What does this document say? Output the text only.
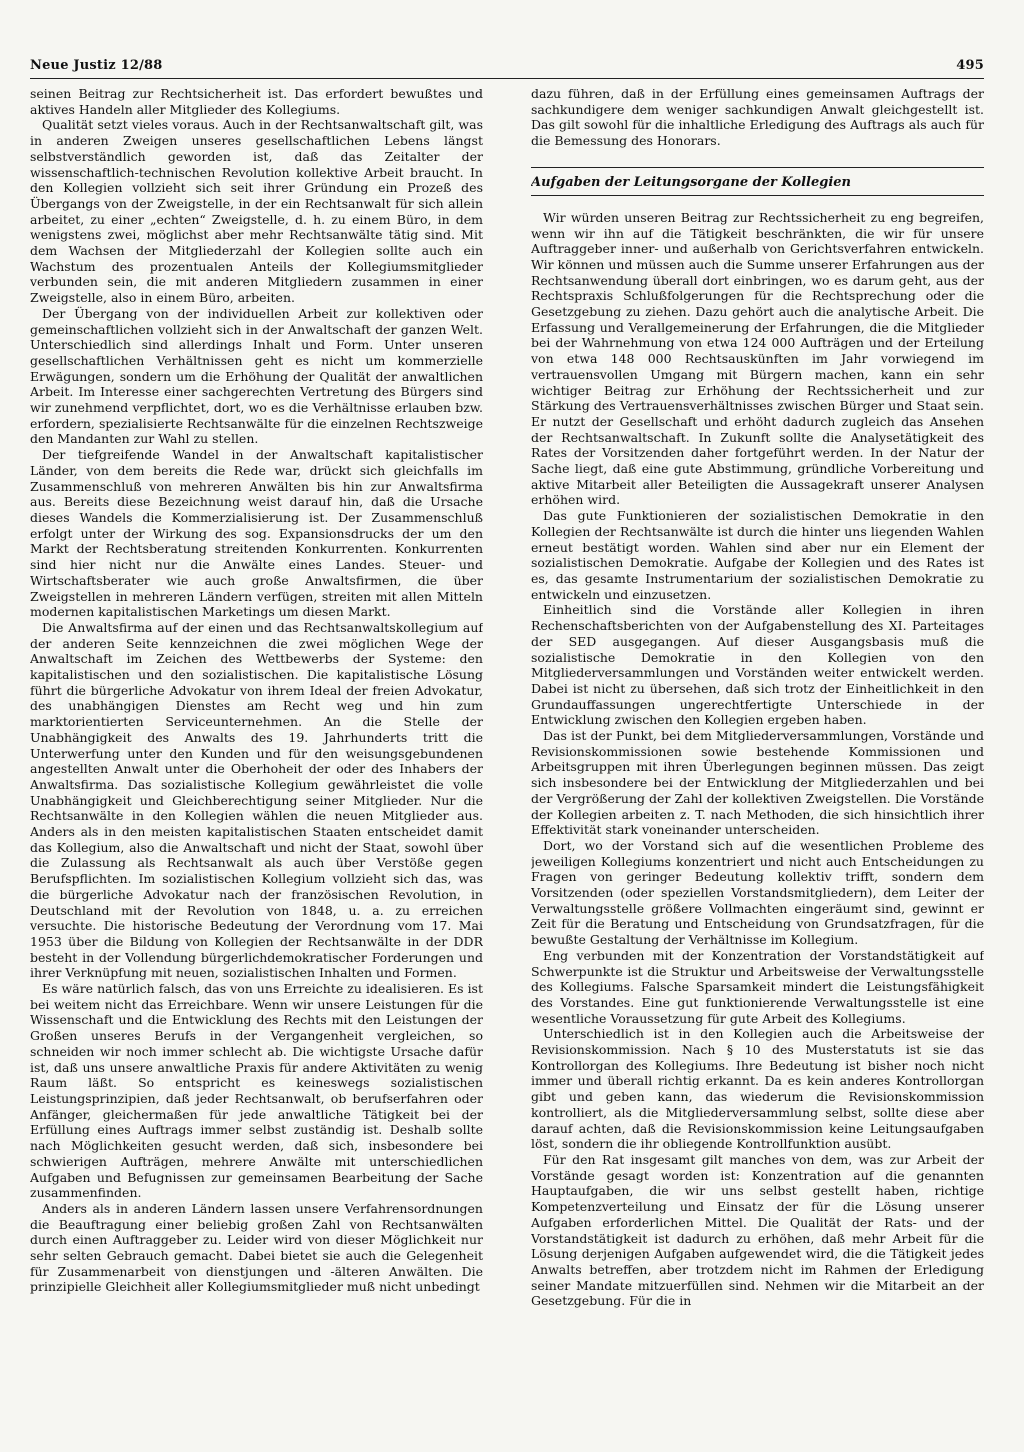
Neue Justiz 12/88	495

seinen Beitrag zur Rechtsicherheit ist. Das erfordert bewußtes und aktives Handeln aller Mitglieder des Kollegiums.

Qualität setzt vieles voraus. Auch in der Rechtsanwaltschaft gilt, was in anderen Zweigen unseres gesellschaftlichen Lebens längst selbstverständlich geworden ist, daß das Zeitalter der wissenschaftlich-technischen Revolution kollektive Arbeit braucht. In den Kollegien vollzieht sich seit ihrer Gründung ein Prozeß des Übergangs von der Zweigstelle, in der ein Rechtsanwalt für sich allein arbeitet, zu einer „echten“ Zweigstelle, d. h. zu einem Büro, in dem wenigstens zwei, möglichst aber mehr Rechtsanwälte tätig sind. Mit dem Wachsen der Mitgliederzahl der Kollegien sollte auch ein Wachstum des prozentualen Anteils der Kollegiumsmitglieder verbunden sein, die mit anderen Mitgliedern zusammen in einer Zweigstelle, also in einem Büro, arbeiten.

Der Übergang von der individuellen Arbeit zur kollektiven oder gemeinschaftlichen vollzieht sich in der Anwaltschaft der ganzen Welt. Unterschiedlich sind allerdings Inhalt und Form. Unter unseren gesellschaftlichen Verhältnissen geht es nicht um kommerzielle Erwägungen, sondern um die Erhöhung der Qualität der anwaltlichen Arbeit. Im Interesse einer sachgerechten Vertretung des Bürgers sind wir zunehmend verpflichtet, dort, wo es die Verhältnisse erlauben bzw. erfordern, spezialisierte Rechtsanwälte für die einzelnen Rechtszweige den Mandanten zur Wahl zu stellen.

Der tiefgreifende Wandel in der Anwaltschaft kapitalistischer Länder, von dem bereits die Rede war, drückt sich gleichfalls im Zusammenschluß von mehreren Anwälten bis hin zur Anwaltsfirma aus. Bereits diese Bezeichnung weist darauf hin, daß die Ursache dieses Wandels die Kommerzialisierung ist. Der Zusammenschluß erfolgt unter der Wirkung des sog. Expansionsdrucks der um den Markt der Rechtsberatung streitenden Konkurrenten. Konkurrenten sind hier nicht nur die Anwälte eines Landes. Steuer- und Wirtschaftsberater wie auch große Anwaltsfirmen, die über Zweigstellen in mehreren Ländern verfügen, streiten mit allen Mitteln modernen kapitalistischen Marketings um diesen Markt.

Die Anwaltsfirma auf der einen und das Rechtsanwaltskollegium auf der anderen Seite kennzeichnen die zwei möglichen Wege der Anwaltschaft im Zeichen des Wettbewerbs der Systeme: den kapitalistischen und den sozialistischen. Die kapitalistische Lösung führt die bürgerliche Advokatur von ihrem Ideal der freien Advokatur, des unabhängigen Dienstes am Recht weg und hin zum marktorientierten Serviceunternehmen. An die Stelle der Unabhängigkeit des Anwalts des 19. Jahrhunderts tritt die Unterwerfung unter den Kunden und für den weisungsgebundenen angestellten Anwalt unter die Oberhoheit der oder des Inhabers der Anwaltsfirma. Das sozialistische Kollegium gewährleistet die volle Unabhängigkeit und Gleichberechtigung seiner Mitglieder. Nur die Rechtsanwälte in den Kollegien wählen die neuen Mitglieder aus. Anders als in den meisten kapitalistischen Staaten entscheidet damit das Kollegium, also die Anwaltschaft und nicht der Staat, sowohl über die Zulassung als Rechtsanwalt als auch über Verstöße gegen Berufspflichten. Im sozialistischen Kollegium vollzieht sich das, was die bürgerliche Advokatur nach der französischen Revolution, in Deutschland mit der Revolution von 1848, u. a. zu erreichen versuchte. Die historische Bedeutung der Verordnung vom 17. Mai 1953 über die Bildung von Kollegien der Rechtsanwälte in der DDR besteht in der Vollendung bürgerlichdemokratischer Forderungen und ihrer Verknüpfung mit neuen, sozialistischen Inhalten und Formen.

Es wäre natürlich falsch, das von uns Erreichte zu idealisieren. Es ist bei weitem nicht das Erreichbare. Wenn wir unsere Leistungen für die Wissenschaft und die Entwicklung des Rechts mit den Leistungen der Großen unseres Berufs in der Vergangenheit vergleichen, so schneiden wir noch immer schlecht ab. Die wichtigste Ursache dafür ist, daß uns unsere anwaltliche Praxis für andere Aktivitäten zu wenig Raum läßt. So entspricht es keineswegs sozialistischen Leistungsprinzipien, daß jeder Rechtsanwalt, ob berufserfahren oder Anfänger, gleichermaßen für jede anwaltliche Tätigkeit bei der Erfüllung eines Auftrags immer selbst zuständig ist. Deshalb sollte nach Möglichkeiten gesucht werden, daß sich, insbesondere bei schwierigen Aufträgen, mehrere Anwälte mit unterschiedlichen Aufgaben und Befugnissen zur gemeinsamen Bearbeitung der Sache zusammenfinden.

Anders als in anderen Ländern lassen unsere Verfahrensordnungen die Beauftragung einer beliebig großen Zahl von Rechtsanwälten durch einen Auftraggeber zu. Leider wird von dieser Möglichkeit nur sehr selten Gebrauch gemacht. Dabei bietet sie auch die Gelegenheit für Zusammenarbeit von dienstjungen und -älteren Anwälten. Die prinzipielle Gleichheit aller Kollegiumsmitglieder muß nicht unbedingt

dazu führen, daß in der Erfüllung eines gemeinsamen Auftrags der sachkundigere dem weniger sachkundigen Anwalt gleichgestellt ist. Das gilt sowohl für die inhaltliche Erledigung des Auftrags als auch für die Bemessung des Honorars.

Aufgaben der Leitungsorgane der Kollegien

Wir würden unseren Beitrag zur Rechtssicherheit zu eng begreifen, wenn wir ihn auf die Tätigkeit beschränkten, die wir für unsere Auftraggeber inner- und außerhalb von Gerichtsverfahren entwickeln. Wir können und müssen auch die Summe unserer Erfahrungen aus der Rechtsanwendung überall dort einbringen, wo es darum geht, aus der Rechtspraxis Schlußfolgerungen für die Rechtsprechung oder die Gesetzgebung zu ziehen. Dazu gehört auch die analytische Arbeit. Die Erfassung und Verallgemeinerung der Erfahrungen, die die Mitglieder bei der Wahrnehmung von etwa 124 000 Aufträgen und der Erteilung von etwa 148 000 Rechtsauskünften im Jahr vorwiegend im vertrauensvollen Umgang mit Bürgern machen, kann ein sehr wichtiger Beitrag zur Erhöhung der Rechtssicherheit und zur Stärkung des Vertrauensverhältnisses zwischen Bürger und Staat sein. Er nutzt der Gesellschaft und erhöht dadurch zugleich das Ansehen der Rechtsanwaltschaft. In Zukunft sollte die Analysetätigkeit des Rates der Vorsitzenden daher fortgeführt werden. In der Natur der Sache liegt, daß eine gute Abstimmung, gründliche Vorbereitung und aktive Mitarbeit aller Beteiligten die Aussagekraft unserer Analysen erhöhen wird.

Das gute Funktionieren der sozialistischen Demokratie in den Kollegien der Rechtsanwälte ist durch die hinter uns liegenden Wahlen erneut bestätigt worden. Wahlen sind aber nur ein Element der sozialistischen Demokratie. Aufgabe der Kollegien und des Rates ist es, das gesamte Instrumentarium der sozialistischen Demokratie zu entwickeln und einzusetzen.

Einheitlich sind die Vorstände aller Kollegien in ihren Rechenschaftsberichten von der Aufgabenstellung des XI. Parteitages der SED ausgegangen. Auf dieser Ausgangsbasis muß die sozialistische Demokratie in den Kollegien von den Mitgliederversammlungen und Vorständen weiter entwickelt werden. Dabei ist nicht zu übersehen, daß sich trotz der Einheitlichkeit in den Grundauffassungen ungerechtfertigte Unterschiede in der Entwicklung zwischen den Kollegien ergeben haben.

Das ist der Punkt, bei dem Mitgliederversammlungen, Vorstände und Revisionskommissionen sowie bestehende Kommissionen und Arbeitsgruppen mit ihren Überlegungen beginnen müssen. Das zeigt sich insbesondere bei der Entwicklung der Mitgliederzahlen und bei der Vergrößerung der Zahl der kollektiven Zweigstellen. Die Vorstände der Kollegien arbeiten z. T. nach Methoden, die sich hinsichtlich ihrer Effektivität stark voneinander unterscheiden.

Dort, wo der Vorstand sich auf die wesentlichen Probleme des jeweiligen Kollegiums konzentriert und nicht auch Entscheidungen zu Fragen von geringer Bedeutung kollektiv trifft, sondern dem Vorsitzenden (oder speziellen Vorstandsmitgliedern), dem Leiter der Verwaltungsstelle größere Vollmachten eingeräumt sind, gewinnt er Zeit für die Beratung und Entscheidung von Grundsatzfragen, für die bewußte Gestaltung der Verhältnisse im Kollegium.

Eng verbunden mit der Konzentration der Vorstandstätigkeit auf Schwerpunkte ist die Struktur und Arbeitsweise der Verwaltungsstelle des Kollegiums. Falsche Sparsamkeit mindert die Leistungsfähigkeit des Vorstandes. Eine gut funktionierende Verwaltungsstelle ist eine wesentliche Voraussetzung für gute Arbeit des Kollegiums.

Unterschiedlich ist in den Kollegien auch die Arbeitsweise der Revisionskommission. Nach § 10 des Musterstatuts ist sie das Kontrollorgan des Kollegiums. Ihre Bedeutung ist bisher noch nicht immer und überall richtig erkannt. Da es kein anderes Kontrollorgan gibt und geben kann, das wiederum die Revisionskommission kontrolliert, als die Mitgliederversammlung selbst, sollte diese aber darauf achten, daß die Revisionskommission keine Leitungsaufgaben löst, sondern die ihr obliegende Kontrollfunktion ausübt.

Für den Rat insgesamt gilt manches von dem, was zur Arbeit der Vorstände gesagt worden ist: Konzentration auf die genannten Hauptaufgaben, die wir uns selbst gestellt haben, richtige Kompetenzverteilung und Einsatz der für die Lösung unserer Aufgaben erforderlichen Mittel. Die Qualität der Rats- und der Vorstandstätigkeit ist dadurch zu erhöhen, daß mehr Arbeit für die Lösung derjenigen Aufgaben aufgewendet wird, die die Tätigkeit jedes Anwalts betreffen, aber trotzdem nicht im Rahmen der Erledigung seiner Mandate mitzuerfüllen sind. Nehmen wir die Mitarbeit an der Gesetzgebung. Für die in
